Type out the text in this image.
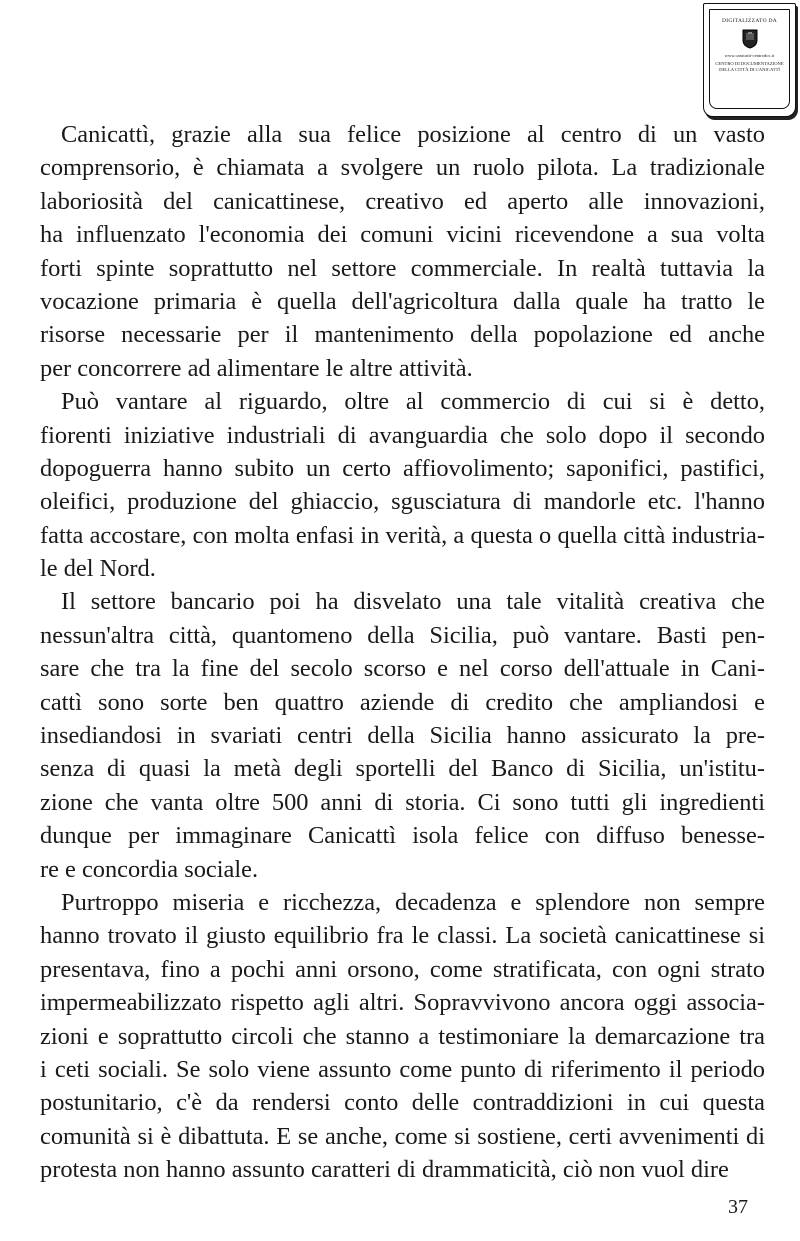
DIGITALIZZATO DA
www.canicatti-centrodoc.it
CENTRO DI DOCUMENTAZIONE
DELLA CITTÀ DI CANICATTÌ
Canicattì, grazie alla sua felice posizione al centro di un vasto
comprensorio, è chiamata a svolgere un ruolo pilota. La tradizionale
laboriosità del canicattinese, creativo ed aperto alle innovazioni,
ha influenzato l'economia dei comuni vicini ricevendone a sua volta
forti spinte soprattutto nel settore commerciale. In realtà tuttavia la
vocazione primaria è quella dell'agricoltura dalla quale ha tratto le
risorse necessarie per il mantenimento della popolazione ed anche
per concorrere ad alimentare le altre attività.
Può vantare al riguardo, oltre al commercio di cui si è detto,
fiorenti iniziative industriali di avanguardia che solo dopo il secondo
dopoguerra hanno subito un certo affiovolimento; saponifici, pastifici,
oleifici, produzione del ghiaccio, sgusciatura di mandorle etc. l'hanno
fatta accostare, con molta enfasi in verità, a questa o quella città industria-
le del Nord.
Il settore bancario poi ha disvelato una tale vitalità creativa che
nessun'altra città, quantomeno della Sicilia, può vantare. Basti pen-
sare che tra la fine del secolo scorso e nel corso dell'attuale in Cani-
cattì sono sorte ben quattro aziende di credito che ampliandosi e
insediandosi in svariati centri della Sicilia hanno assicurato la pre-
senza di quasi la metà degli sportelli del Banco di Sicilia, un'istitu-
zione che vanta oltre 500 anni di storia. Ci sono tutti gli ingredienti
dunque per immaginare Canicattì isola felice con diffuso benesse-
re e concordia sociale.
Purtroppo miseria e ricchezza, decadenza e splendore non sempre
hanno trovato il giusto equilibrio fra le classi. La società canicattinese si
presentava, fino a pochi anni orsono, come stratificata, con ogni strato
impermeabilizzato rispetto agli altri. Sopravvivono ancora oggi associa-
zioni e soprattutto circoli che stanno a testimoniare la demarcazione tra
i ceti sociali. Se solo viene assunto come punto di riferimento il periodo
postunitario, c'è da rendersi conto delle contraddizioni in cui questa
comunità si è dibattuta. E se anche, come si sostiene, certi avvenimenti di
protesta non hanno assunto caratteri di drammaticità, ciò non vuol dire
37
